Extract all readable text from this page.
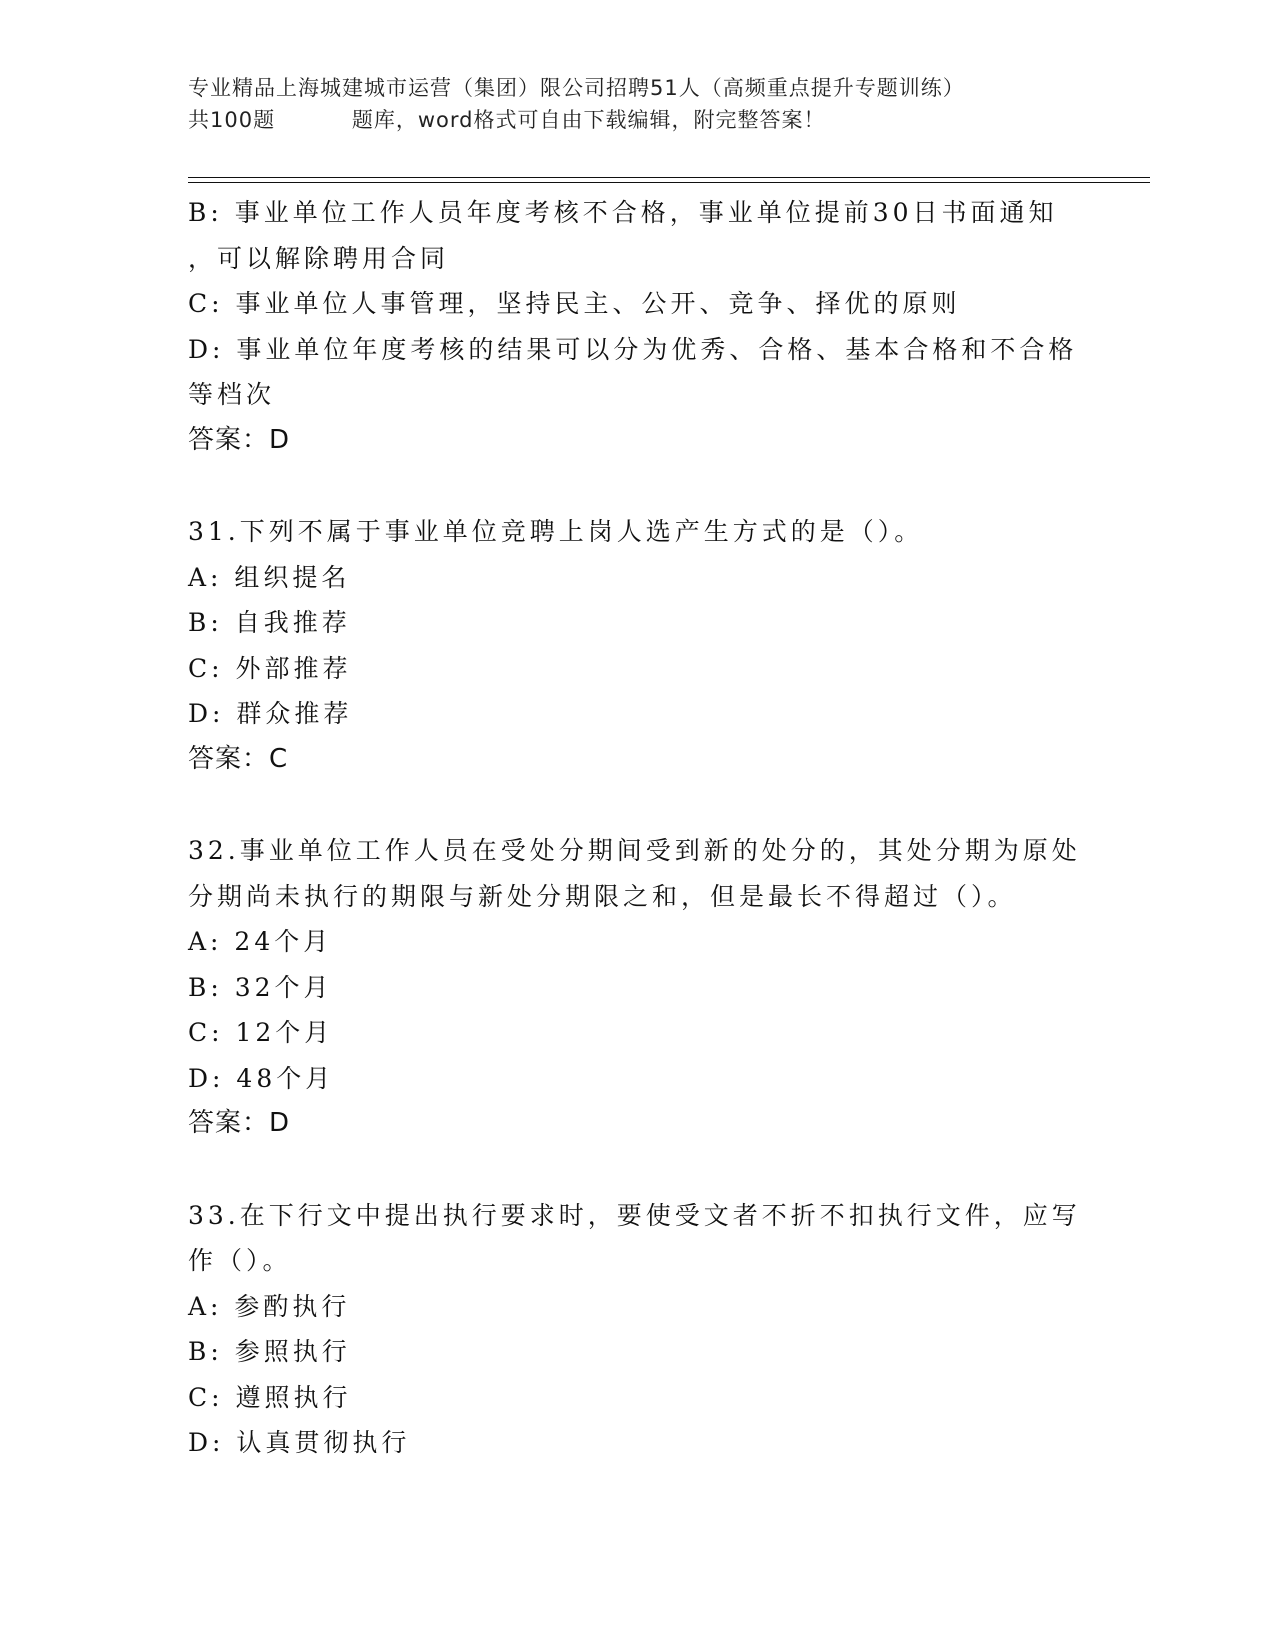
专业精品上海城建城市运营（集团）限公司招聘51人（高频重点提升专题训练）
共100题          题库，word格式可自由下载编辑，附完整答案！
B: 事业单位工作人员年度考核不合格，事业单位提前30日书面通知
，可以解除聘用合同
C: 事业单位人事管理，坚持民主、公开、竞争、择优的原则
D: 事业单位年度考核的结果可以分为优秀、合格、基本合格和不合格
等档次
答案：D
31.下列不属于事业单位竞聘上岗人选产生方式的是（）。
A: 组织提名
B: 自我推荐
C: 外部推荐
D: 群众推荐
答案：C
32.事业单位工作人员在受处分期间受到新的处分的，其处分期为原处
分期尚未执行的期限与新处分期限之和，但是最长不得超过（）。
A: 24个月
B: 32个月
C: 12个月
D: 48个月
答案：D
33.在下行文中提出执行要求时，要使受文者不折不扣执行文件，应写
作（）。
A: 参酌执行
B: 参照执行
C: 遵照执行
D: 认真贯彻执行
